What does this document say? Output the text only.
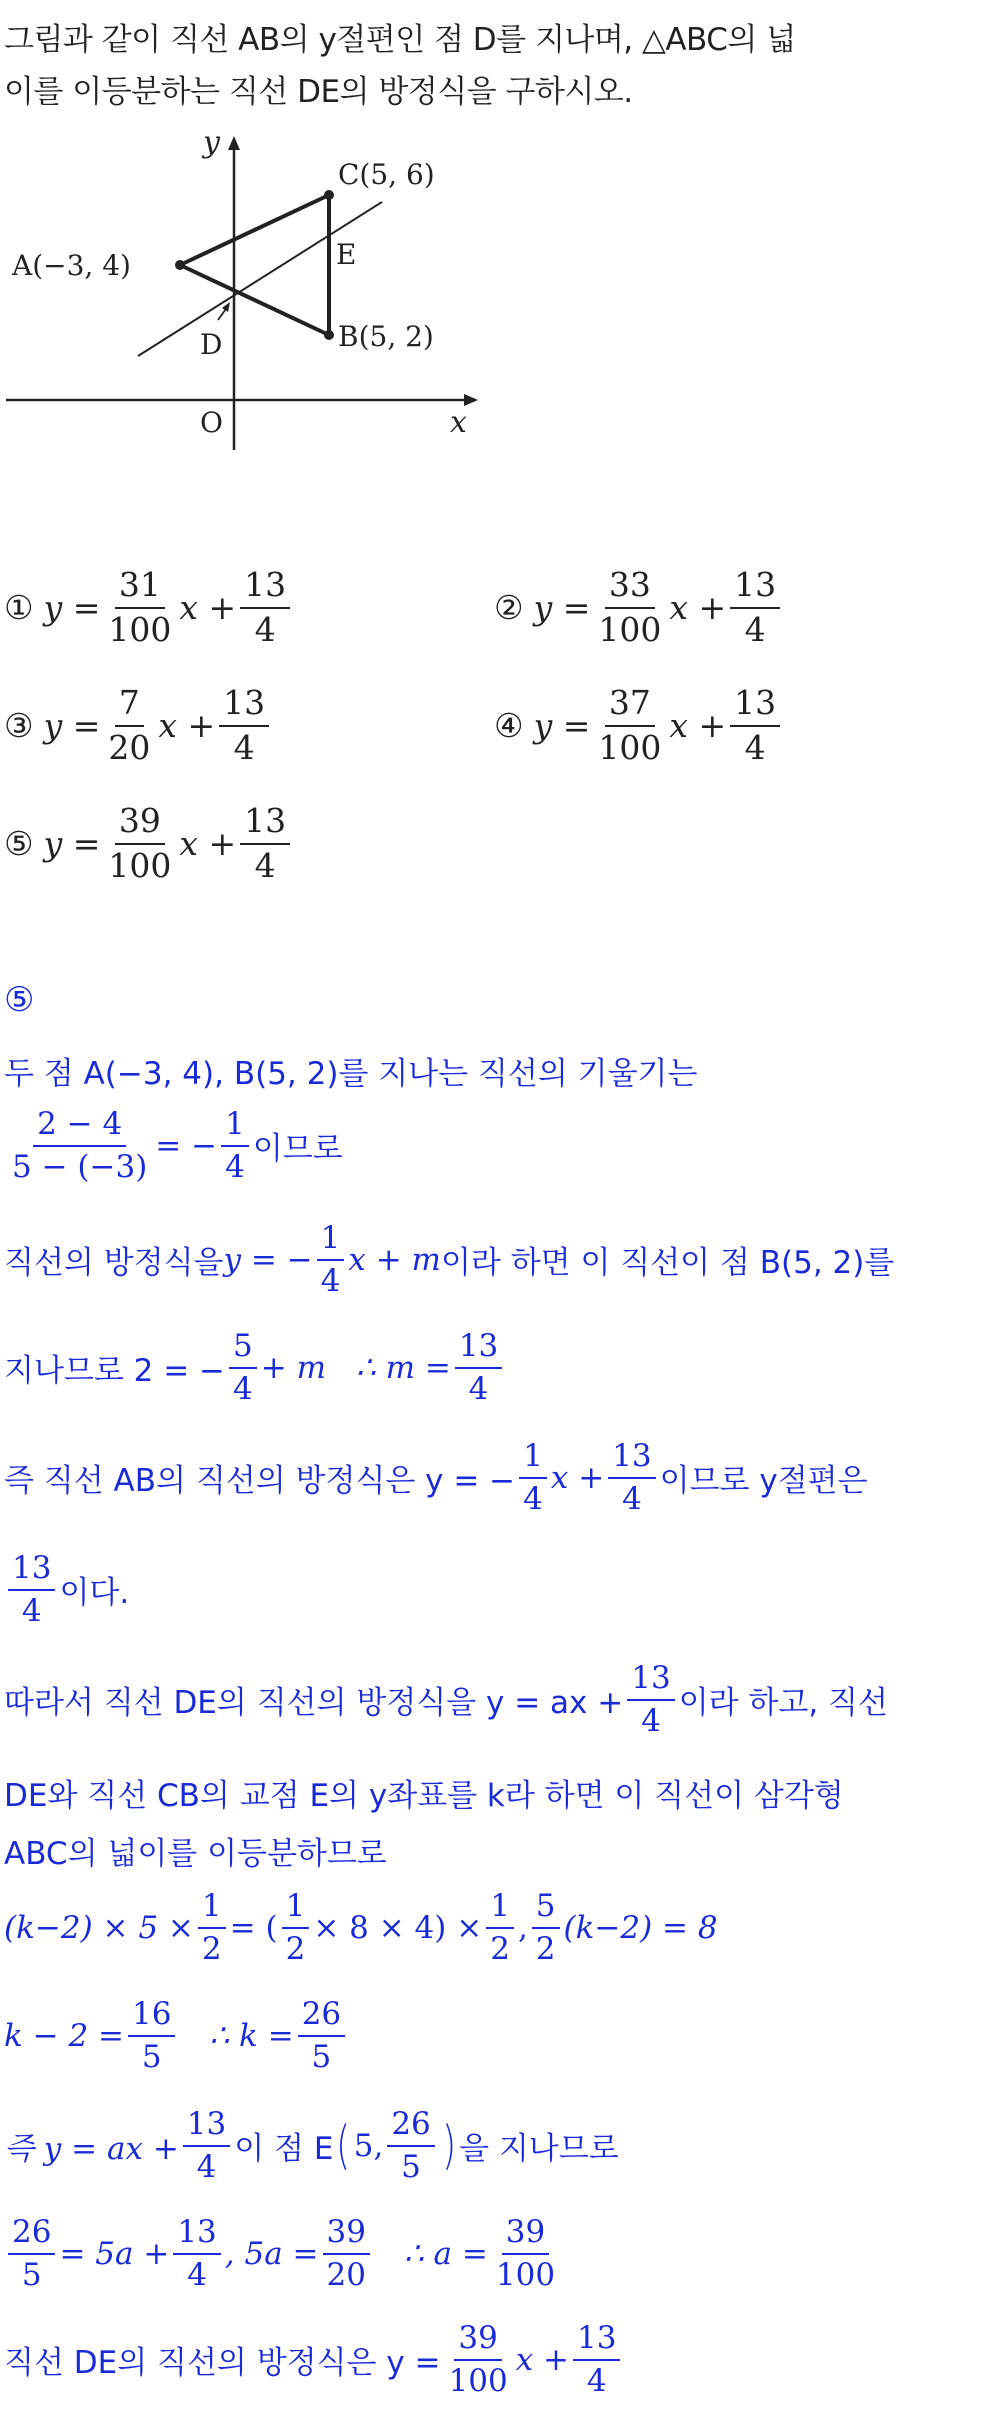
그림과 같이 직선 AB의 y절편인 점 D를 지나며, △ABC의 넓
이를 이등분하는 직선 DE의 방정식을 구하시오.
y
x
O
A(−3, 4)
C(5, 6)
B(5, 2)
D
E
① $y = \frac{31}{100}$ $x + \frac{13}{4}$	② $y = \frac{33}{100}$ $x + \frac{13}{4}$
③ $y = \frac{7}{20}$ $x + \frac{13}{4}$	④ $y = \frac{37}{100}$ $x + \frac{13}{4}$
⑤ $y = \frac{39}{100}$ $x + \frac{13}{4}$
⑤
두 점 A(−3, 4), B(5, 2)를 지나는 직선의 기울기는
$\frac{2 - 4}{5 - (-3)}$ = − $\frac{1}{4}$ 이므로
직선의 방정식을 y = − $\frac{1}{4}$ x + m 이라 하면 이 직선이 점 B(5, 2)를
지나므로 2 = − $\frac{5}{4} + m$ ∴ $m = \frac{13}{4}$
즉 직선 AB의 직선의 방정식은 y = − $\frac{1}{4}$ $x + \frac{13}{4}$ 이므로 y절편은
$\frac{13}{4}$ 이다.
따라서 직선 DE의 직선의 방정식을 y = ax + $\frac{13}{4}$ 이라 하고, 직선
DE와 직선 CB의 교점 E의 y좌표를 k라 하면 이 직선이 삼각형
ABC의 넓이를 이등분하므로
$(k-2) \times 5 \times \frac{1}{2}$ = ( $\frac{1}{2} \times 8 \times 4) \times \frac{1}{2}$ , $\frac{5}{2} (k-2) = 8$
$k - 2 = \frac{16}{5}$ ∴ $k = \frac{26}{5}$
즉 y = ax + $\frac{13}{4}$ 이 점 E ( 5, $\frac{26}{5}$ ) 을 지나므로
$\frac{26}{5} = 5a + \frac{13}{4}$ , $5a = \frac{39}{20}$ ∴ $a = \frac{39}{100}$
직선 DE의 직선의 방정식은 $y = \frac{39}{100}$ $x + \frac{13}{4}$
